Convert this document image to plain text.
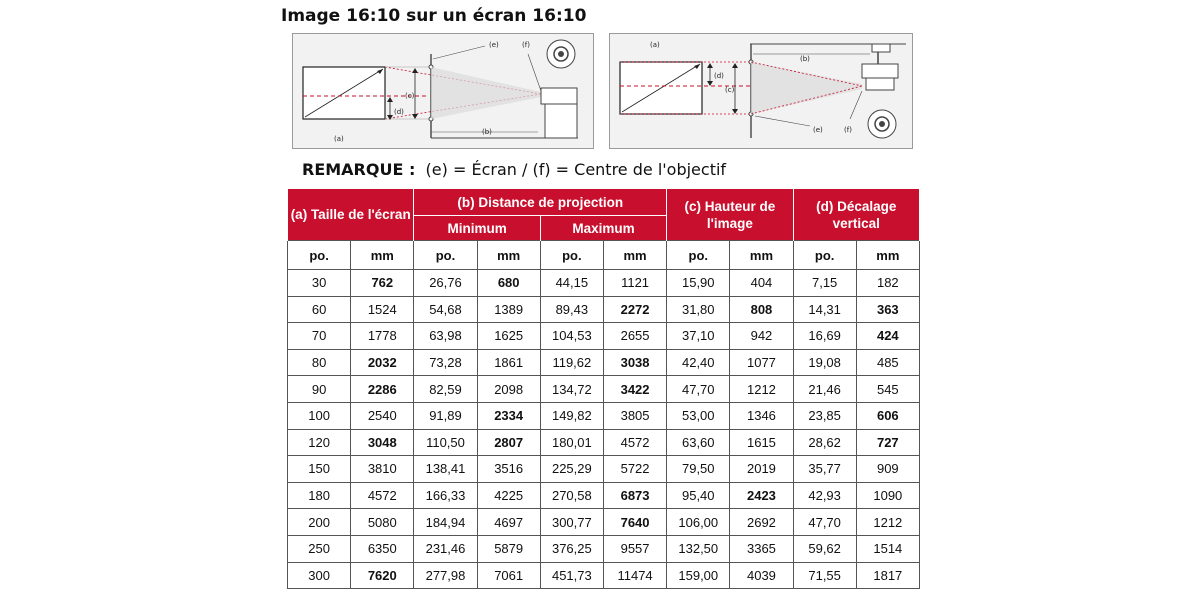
Image 16:10 sur un écran 16:10
(e)	(f)
(a)
(b)
(c)
(d)
(a)
(b)
(c)
(d)
(e)	(f)
REMARQUE :  (e) = Écran / (f) = Centre de l'objectif
(a) Taille de l'écran		(b) Distance de projection				(c) Hauteur de l'image		(d) Décalage vertical	
		Minimum		Maximum					
po.	mm	po.	mm	po.	mm	po.	mm	po.	mm
30	762	26,76	680	44,15	1121	15,90	404	7,15	182
60	1524	54,68	1389	89,43	2272	31,80	808	14,31	363
70	1778	63,98	1625	104,53	2655	37,10	942	16,69	424
80	2032	73,28	1861	119,62	3038	42,40	1077	19,08	485
90	2286	82,59	2098	134,72	3422	47,70	1212	21,46	545
100	2540	91,89	2334	149,82	3805	53,00	1346	23,85	606
120	3048	110,50	2807	180,01	4572	63,60	1615	28,62	727
150	3810	138,41	3516	225,29	5722	79,50	2019	35,77	909
180	4572	166,33	4225	270,58	6873	95,40	2423	42,93	1090
200	5080	184,94	4697	300,77	7640	106,00	2692	47,70	1212
250	6350	231,46	5879	376,25	9557	132,50	3365	59,62	1514
300	7620	277,98	7061	451,73	11474	159,00	4039	71,55	1817
